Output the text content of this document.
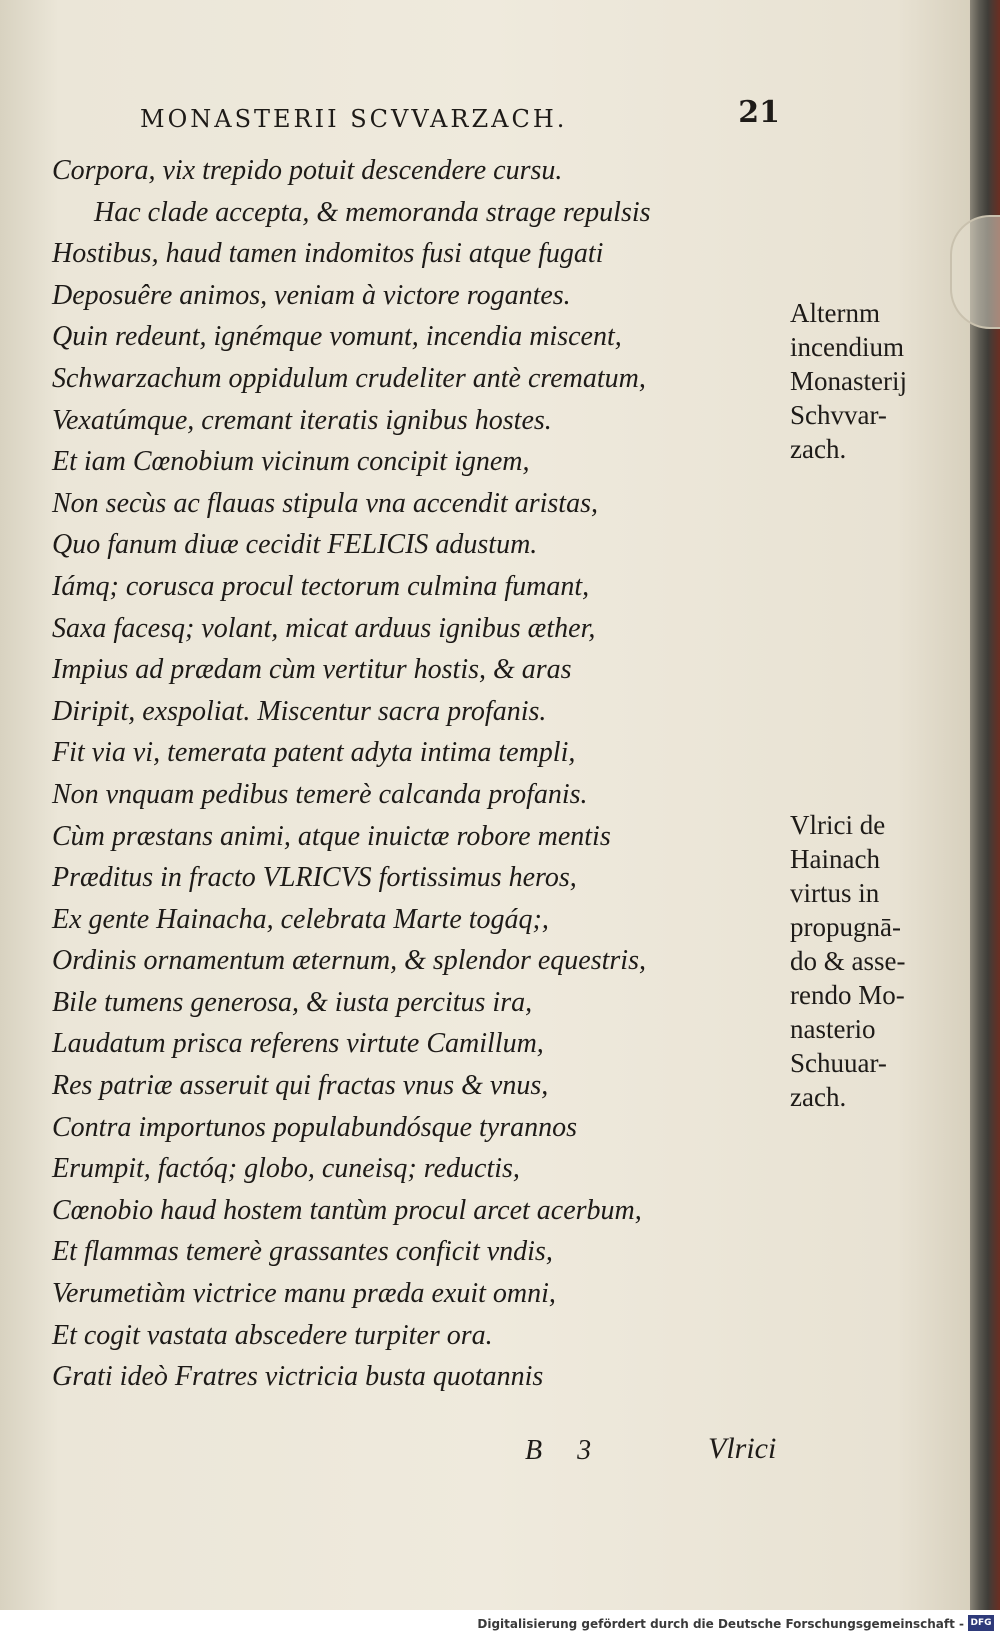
MONASTERII SCVVARZACH.	21
Corpora, vix trepido potuit descendere cursu.
Hac clade accepta, & memoranda strage repulsis
Hostibus, haud tamen indomitos fusi atque fugati
Deposuêre animos, veniam à victore rogantes.
Quin redeunt, ignémque vomunt, incendia miscent,
Schwarzachum oppidulum crudeliter antè crematum,
Vexatúmque, cremant iteratis ignibus hostes.
Et iam Cœnobium vicinum concipit ignem,
Non secùs ac flauas stipula vna accendit aristas,
Quo fanum diuæ cecidit FELICIS adustum.
Iámq; corusca procul tectorum culmina fumant,
Saxa facesq; volant, micat arduus ignibus æther,
Impius ad prædam cùm vertitur hostis, & aras
Diripit, exspoliat. Miscentur sacra profanis.
Fit via vi, temerata patent adyta intima templi,
Non vnquam pedibus temerè calcanda profanis.
Cùm præstans animi, atque inuictæ robore mentis
Præditus in fracto VLRICVS fortissimus heros,
Ex gente Hainacha, celebrata Marte togáq;,
Ordinis ornamentum æternum, & splendor equestris,
Bile tumens generosa, & iusta percitus ira,
Laudatum prisca referens virtute Camillum,
Res patriæ asseruit qui fractas vnus & vnus,
Contra importunos populabundósque tyrannos
Erumpit, factóq; globo, cuneisq; reductis,
Cœnobio haud hostem tantùm procul arcet acerbum,
Et flammas temerè grassantes conficit vndis,
Verumetiàm victrice manu præda exuit omni,
Et cogit vastata abscedere turpiter ora.
Grati ideò Fratres victricia busta quotannis
Alternm
incendium
Monasterij
Schvvar-
zach.
Vlrici de
Hainach
virtus in
propugnā-
do & asse-
rendo Mo-
nasterio
Schuuar-
zach.
B 3	Vlrici
Digitalisierung gefördert durch die Deutsche Forschungsgemeinschaft - DFG
